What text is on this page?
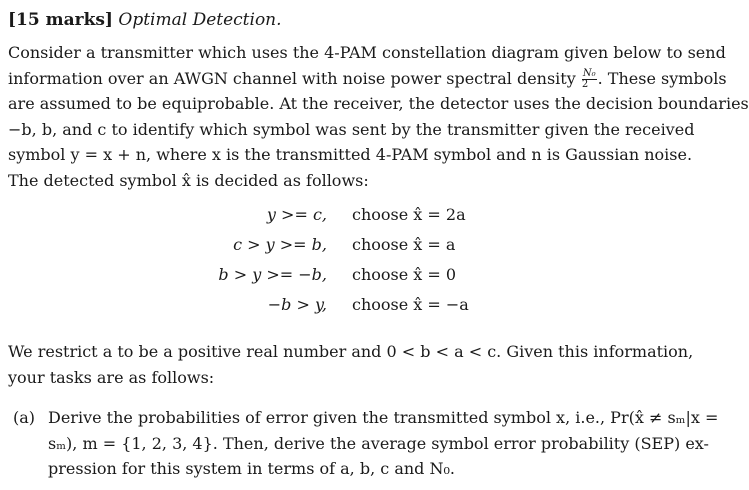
[15 marks] Optimal Detection.
Consider a transmitter which uses the 4-PAM constellation diagram given below to send
information over an AWGN channel with noise power spectral density $\frac{\text{N₀}}{2}$ . These symbols
are assumed to be equiprobable. At the receiver, the detector uses the decision boundaries
−b, b, and c to identify which symbol was sent by the transmitter given the received
symbol y = x + n, where x is the transmitted 4-PAM symbol and n is Gaussian noise.
The detected symbol x̂ is decided as follows:
y >= c, choose x̂ = 2a
c > y >= b, choose x̂ = a
b > y >= −b, choose x̂ = 0
−b > y, choose x̂ = −a
We restrict a to be a positive real number and 0 < b < a < c. Given this information,
your tasks are as follows:
(a) Derive the probabilities of error given the transmitted symbol x, i.e., Pr(x̂ ≠ sₘ|x =
sₘ), m = {1, 2, 3, 4}. Then, derive the average symbol error probability (SEP) ex-
pression for this system in terms of a, b, c and N₀.
